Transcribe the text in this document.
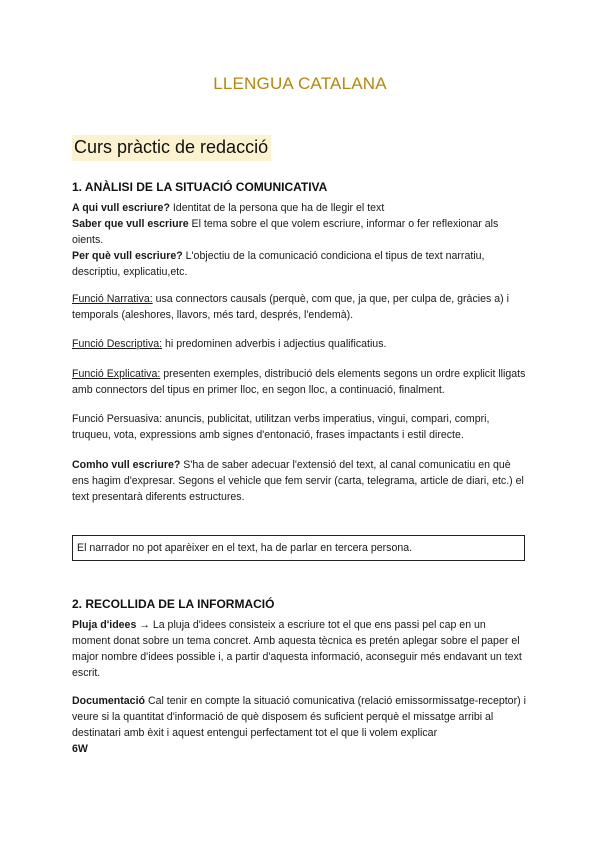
LLENGUA CATALANA
Curs pràctic de redacció
1. ANÀLISI DE LA SITUACIÓ COMUNICATIVA
A qui vull escriure? Identitat de la persona que ha de llegir el text
Saber que vull escriure El tema sobre el que volem escriure, informar o fer reflexionar als oients.
Per què vull escriure? L'objectiu de la comunicació condiciona el tipus de text narratiu, descriptiu, explicatiu,etc.
Funció Narrativa: usa connectors causals (perquè, com que, ja que, per culpa de, gràcies a) i temporals (aleshores, llavors, més tard, després, l'endemà).
Funció Descriptiva: hi predominen adverbis i adjectius qualificatius.
Funció Explicativa: presenten exemples, distribució dels elements segons un ordre explicit lligats amb connectors del tipus en primer lloc, en segon lloc, a continuació, finalment.
Funció Persuasiva: anuncis, publicitat, utilitzan verbs imperatius, vingui, compari, compri, truqueu, vota, expressions amb signes d'entonació, frases impactants i estil directe.
Comho vull escriure? S'ha de saber adecuar l'extensió del text, al canal comunicatiu en què ens hagim d'expresar. Segons el vehicle que fem servir (carta, telegrama, article de diari, etc.) el text presentarà diferents estructures.
El narrador no pot aparèixer en el text, ha de parlar en tercera persona.
2. RECOLLIDA DE LA INFORMACIÓ
Pluja d'idees → La pluja d'idees consisteix a escriure tot el que ens passi pel cap en un moment donat sobre un tema concret. Amb aquesta tècnica es pretén aplegar sobre el paper el major nombre d'idees possible i, a partir d'aquesta informació, aconseguir més endavant un text escrit.
Documentació Cal tenir en compte la situació comunicativa (relació emissormissatge-receptor) i veure si la quantitat d'informació de què disposem és suficient perquè el missatge arribi al destinatari amb èxit i aquest entengui perfectament tot el que li volem explicar
6W
